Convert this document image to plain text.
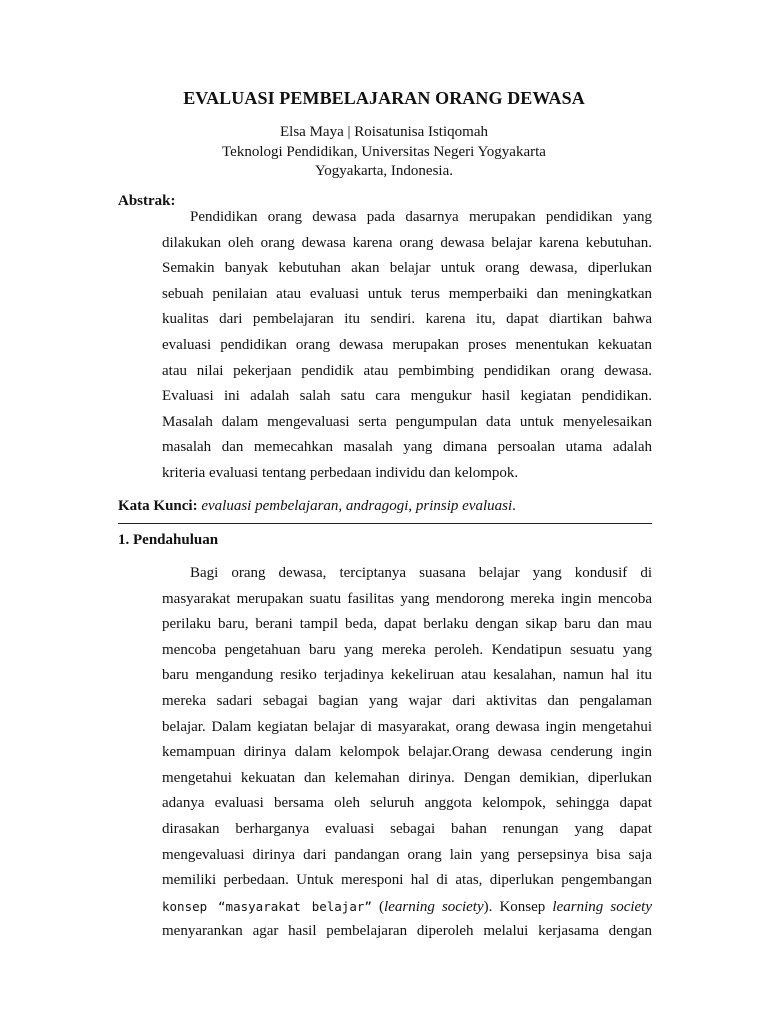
EVALUASI PEMBELAJARAN ORANG DEWASA
Elsa Maya | Roisatunisa Istiqomah
Teknologi Pendidikan, Universitas Negeri Yogyakarta
Yogyakarta, Indonesia.
Abstrak:
Pendidikan orang dewasa pada dasarnya merupakan pendidikan yang
dilakukan oleh orang dewasa karena orang dewasa belajar karena kebutuhan.
Semakin banyak kebutuhan akan belajar untuk orang dewasa, diperlukan
sebuah penilaian atau evaluasi untuk terus memperbaiki dan meningkatkan
kualitas dari pembelajaran itu sendiri. karena itu, dapat diartikan bahwa
evaluasi pendidikan orang dewasa merupakan proses menentukan kekuatan
atau nilai pekerjaan pendidik atau pembimbing pendidikan orang dewasa.
Evaluasi ini adalah salah satu cara mengukur hasil kegiatan pendidikan.
Masalah dalam mengevaluasi serta pengumpulan data untuk menyelesaikan
masalah dan memecahkan masalah yang dimana persoalan utama adalah
kriteria evaluasi tentang perbedaan individu dan kelompok.
Kata Kunci: evaluasi pembelajaran, andragogi, prinsip evaluasi.
1. Pendahuluan
Bagi orang dewasa, terciptanya suasana belajar yang kondusif di
masyarakat merupakan suatu fasilitas yang mendorong mereka ingin mencoba
perilaku baru, berani tampil beda, dapat berlaku dengan sikap baru dan mau
mencoba pengetahuan baru yang mereka peroleh. Kendatipun sesuatu yang
baru mengandung resiko terjadinya kekeliruan atau kesalahan, namun hal itu
mereka sadari sebagai bagian yang wajar dari aktivitas dan pengalaman
belajar. Dalam kegiatan belajar di masyarakat, orang dewasa ingin mengetahui
kemampuan dirinya dalam kelompok belajar.Orang dewasa cenderung ingin
mengetahui kekuatan dan kelemahan dirinya. Dengan demikian, diperlukan
adanya evaluasi bersama oleh seluruh anggota kelompok, sehingga dapat
dirasakan berharganya evaluasi sebagai bahan renungan yang dapat
mengevaluasi dirinya dari pandangan orang lain yang persepsinya bisa saja
memiliki perbedaan. Untuk meresponi hal di atas, diperlukan pengembangan
konsep “masyarakat belajar” (learning society). Konsep learning society
menyarankan agar hasil pembelajaran diperoleh melalui kerjasama dengan
